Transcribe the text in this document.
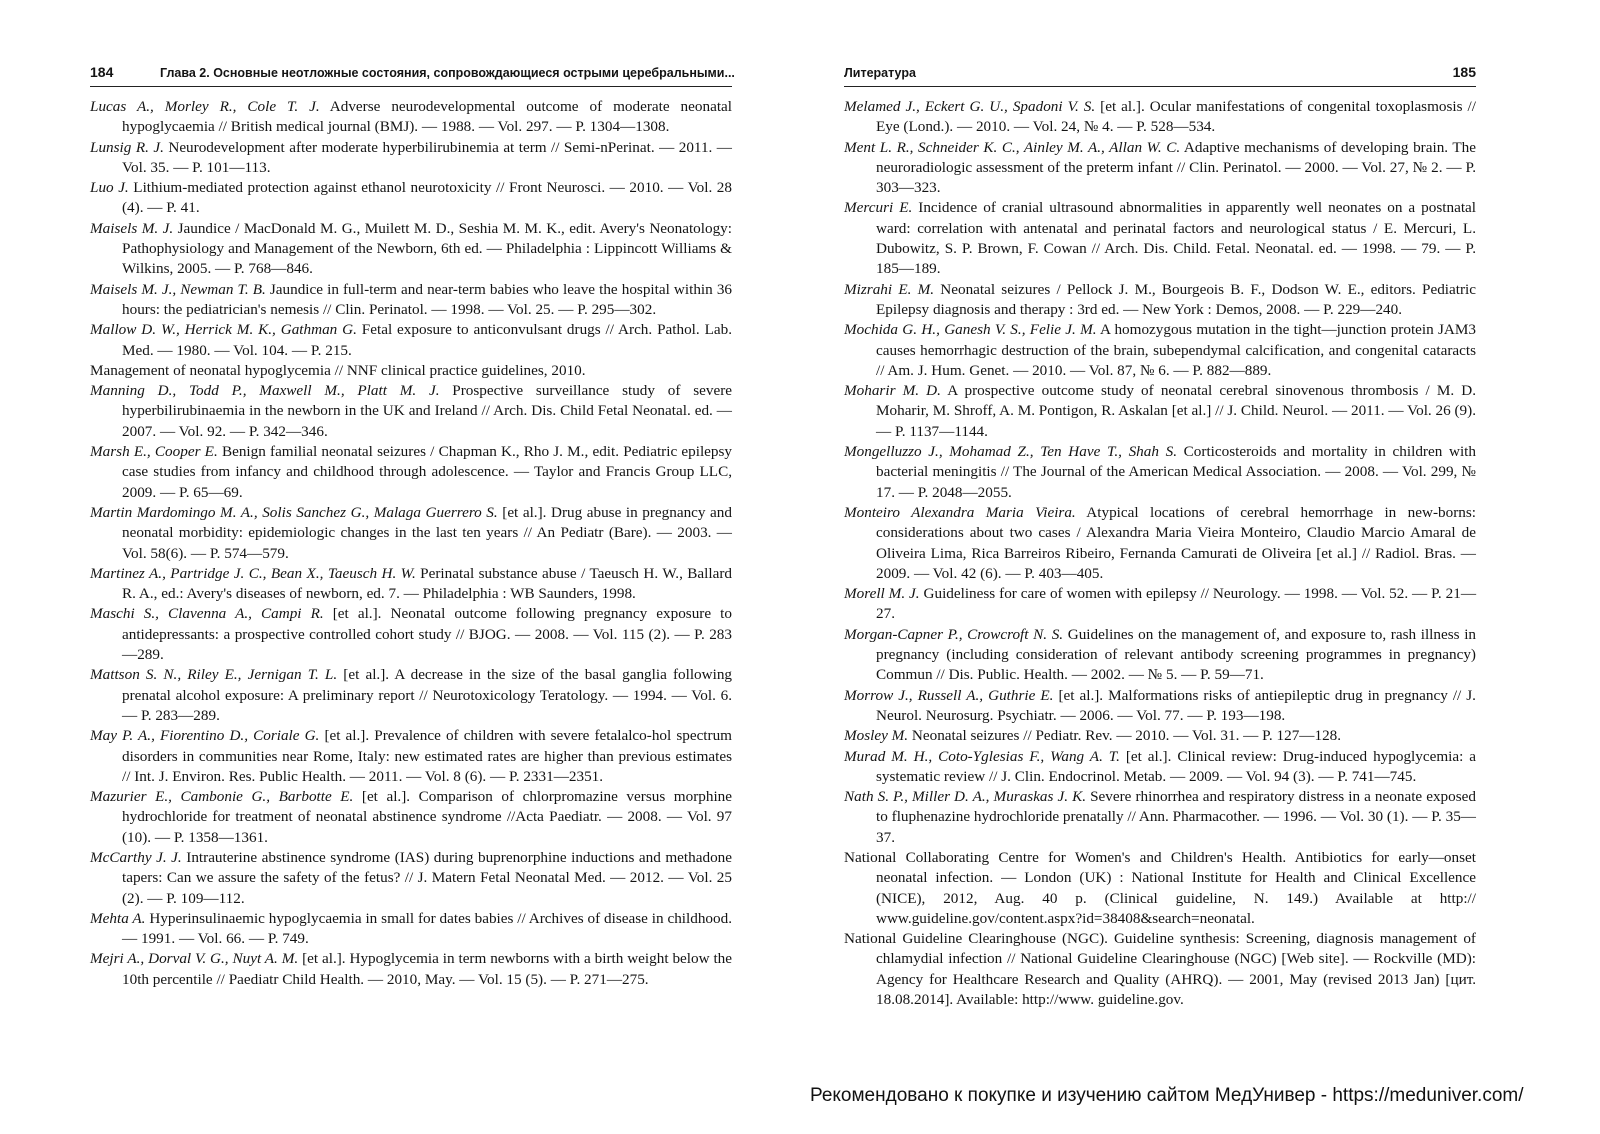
184	Глава 2. Основные неотложные состояния, сопровождающиеся острыми церебральными...
Lucas A., Morley R., Cole T. J. Adverse neurodevelopmental outcome of moderate neonatal hypoglycaemia // British medical journal (BMJ). — 1988. — Vol. 297. — P. 1304—1308.
Lunsig R. J. Neurodevelopment after moderate hyperbilirubinemia at term // Semi-nPerinat. — 2011. — Vol. 35. — P. 101—113.
Luo J. Lithium-mediated protection against ethanol neurotoxicity // Front Neurosci. — 2010. — Vol. 28 (4). — P. 41.
Maisels M. J. Jaundice / MacDonald M. G., Muilett M. D., Seshia M. M. K., edit. Avery's Neonatology: Pathophysiology and Management of the Newborn, 6th ed. — Philadelphia : Lippincott Williams & Wilkins, 2005. — P. 768—846.
Maisels M. J., Newman T. B. Jaundice in full-term and near-term babies who leave the hospital within 36 hours: the pediatrician's nemesis // Clin. Perinatol. — 1998. — Vol. 25. — P. 295—302.
Mallow D. W., Herrick M. K., Gathman G. Fetal exposure to anticonvulsant drugs // Arch. Pathol. Lab. Med. — 1980. — Vol. 104. — P. 215.
Management of neonatal hypoglycemia // NNF clinical practice guidelines, 2010.
Manning D., Todd P., Maxwell M., Platt M. J. Prospective surveillance study of severe hyperbilirubinaemia in the newborn in the UK and Ireland // Arch. Dis. Child Fetal Neonatal. ed. — 2007. — Vol. 92. — P. 342—346.
Marsh E., Cooper E. Benign familial neonatal seizures / Chapman K., Rho J. M., edit. Pediatric epilepsy case studies from infancy and childhood through adolescence. — Taylor and Francis Group LLC, 2009. — P. 65—69.
Martin Mardomingo M. A., Solis Sanchez G., Malaga Guerrero S. [et al.]. Drug abuse in pregnancy and neonatal morbidity: epidemiologic changes in the last ten years // An Pediatr (Bare). — 2003. — Vol. 58(6). — P. 574—579.
Martinez A., Partridge J. C., Bean X., Taeusch H. W. Perinatal substance abuse / Taeusch H. W., Ballard R. A., ed.: Avery's diseases of newborn, ed. 7. — Philadelphia : WB Saunders, 1998.
Maschi S., Clavenna A., Campi R. [et al.]. Neonatal outcome following pregnancy exposure to antidepressants: a prospective controlled cohort study // BJOG. — 2008. — Vol. 115 (2). — P. 283—289.
Mattson S. N., Riley E., Jernigan T. L. [et al.]. A decrease in the size of the basal ganglia following prenatal alcohol exposure: A preliminary report // Neurotoxicology Teratology. — 1994. — Vol. 6. — P. 283—289.
May P. A., Fiorentino D., Coriale G. [et al.]. Prevalence of children with severe fetalalco-hol spectrum disorders in communities near Rome, Italy: new estimated rates are higher than previous estimates // Int. J. Environ. Res. Public Health. — 2011. — Vol. 8 (6). — P. 2331—2351.
Mazurier E., Cambonie G., Barbotte E. [et al.]. Comparison of chlorpromazine versus morphine hydrochloride for treatment of neonatal abstinence syndrome //Acta Paediatr. — 2008. — Vol. 97 (10). — P. 1358—1361.
McCarthy J. J. Intrauterine abstinence syndrome (IAS) during buprenorphine inductions and methadone tapers: Can we assure the safety of the fetus? // J. Matern Fetal Neonatal Med. — 2012. — Vol. 25 (2). — P. 109—112.
Mehta A. Hyperinsulinaemic hypoglycaemia in small for dates babies // Archives of disease in childhood. — 1991. — Vol. 66. — P. 749.
Mejri A., Dorval V. G., Nuyt A. M. [et al.]. Hypoglycemia in term newborns with a birth weight below the 10th percentile // Paediatr Child Health. — 2010, May. — Vol. 15 (5). — P. 271—275.
Литература	185
Melamed J., Eckert G. U., Spadoni V. S. [et al.]. Ocular manifestations of congenital toxoplasmosis // Eye (Lond.). — 2010. — Vol. 24, № 4. — P. 528—534.
Ment L. R., Schneider K. C., Ainley M. A., Allan W. C. Adaptive mechanisms of developing brain. The neuroradiologic assessment of the preterm infant // Clin. Perinatol. — 2000. — Vol. 27, № 2. — P. 303—323.
Mercuri E. Incidence of cranial ultrasound abnormalities in apparently well neonates on a postnatal ward: correlation with antenatal and perinatal factors and neurological status / E. Mercuri, L. Dubowitz, S. P. Brown, F. Cowan // Arch. Dis. Child. Fetal. Neonatal. ed. — 1998. — 79. — P. 185—189.
Mizrahi E. M. Neonatal seizures / Pellock J. M., Bourgeois B. F., Dodson W. E., editors. Pediatric Epilepsy diagnosis and therapy : 3rd ed. — New York : Demos, 2008. — P. 229—240.
Mochida G. H., Ganesh V. S., Felie J. M. A homozygous mutation in the tight—junction protein JAM3 causes hemorrhagic destruction of the brain, subependymal calcification, and congenital cataracts // Am. J. Hum. Genet. — 2010. — Vol. 87, № 6. — P. 882—889.
Moharir M. D. A prospective outcome study of neonatal cerebral sinovenous thrombosis / M. D. Moharir, M. Shroff, A. M. Pontigon, R. Askalan [et al.] // J. Child. Neurol. — 2011. — Vol. 26 (9). — P. 1137—1144.
Mongelluzzo J., Mohamad Z., Ten Have T., Shah S. Corticosteroids and mortality in children with bacterial meningitis // The Journal of the American Medical Association. — 2008. — Vol. 299, № 17. — P. 2048—2055.
Monteiro Alexandra Maria Vieira. Atypical locations of cerebral hemorrhage in new-borns: considerations about two cases / Alexandra Maria Vieira Monteiro, Claudio Marcio Amaral de Oliveira Lima, Rica Barreiros Ribeiro, Fernanda Camurati de Oliveira [et al.] // Radiol. Bras. — 2009. — Vol. 42 (6). — P. 403—405.
Morell M. J. Guideliness for care of women with epilepsy // Neurology. — 1998. — Vol. 52. — P. 21—27.
Morgan-Capner P., Crowcroft N. S. Guidelines on the management of, and exposure to, rash illness in pregnancy (including consideration of relevant antibody screening programmes in pregnancy) Commun // Dis. Public. Health. — 2002. — № 5. — P. 59—71.
Morrow J., Russell A., Guthrie E. [et al.]. Malformations risks of antiepileptic drug in pregnancy // J. Neurol. Neurosurg. Psychiatr. — 2006. — Vol. 77. — P. 193—198.
Mosley M. Neonatal seizures // Pediatr. Rev. — 2010. — Vol. 31. — P. 127—128.
Murad M. H., Coto-Yglesias F., Wang A. T. [et al.]. Clinical review: Drug-induced hypoglycemia: a systematic review // J. Clin. Endocrinol. Metab. — 2009. — Vol. 94 (3). — P. 741—745.
Nath S. P., Miller D. A., Muraskas J. K. Severe rhinorrhea and respiratory distress in a neonate exposed to fluphenazine hydrochloride prenatally // Ann. Pharmacother. — 1996. — Vol. 30 (1). — P. 35—37.
National Collaborating Centre for Women's and Children's Health. Antibiotics for early—onset neonatal infection. — London (UK) : National Institute for Health and Clinical Excellence (NICE), 2012, Aug. 40 p. (Clinical guideline, N. 149.) Available at http:// www.guideline.gov/content.aspx?id=38408&search=neonatal.
National Guideline Clearinghouse (NGC). Guideline synthesis: Screening, diagnosis management of chlamydial infection // National Guideline Clearinghouse (NGC) [Web site]. — Rockville (MD): Agency for Healthcare Research and Quality (AHRQ). — 2001, May (revised 2013 Jan) [цит. 18.08.2014]. Available: http://www. guideline.gov.
Рекомендовано к покупке и изучению сайтом МедУнивер - https://meduniver.com/
